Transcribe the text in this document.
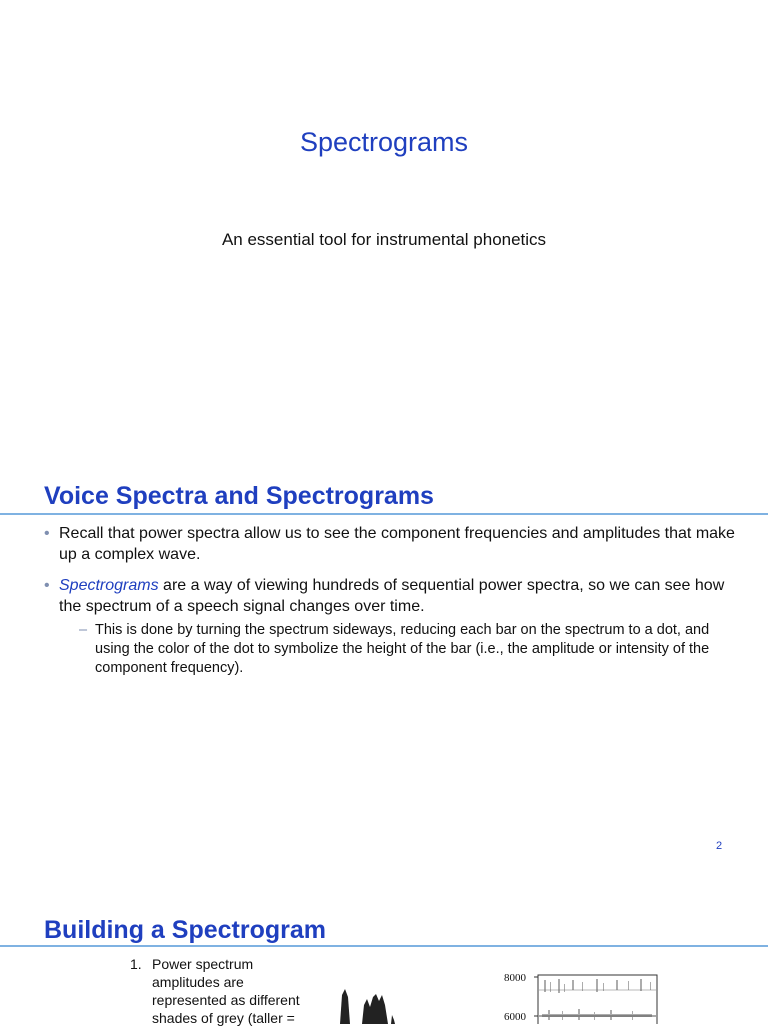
Spectrograms
An essential tool for instrumental phonetics
Voice Spectra and Spectrograms
• Recall that power spectra allow us to see the component frequencies and amplitudes that make up a complex wave.
• Spectrograms are a way of viewing hundreds of sequential power spectra, so we can see how the spectrum of a speech signal changes over time.
– This is done by turning the spectrum sideways, reducing each bar on the spectrum to a dot, and using the color of the dot to symbolize the height of the bar (i.e., the amplitude or intensity of the component frequency).
2
Building a Spectrogram
1. Power spectrum amplitudes are represented as different shades of grey (taller =
8000
6000
